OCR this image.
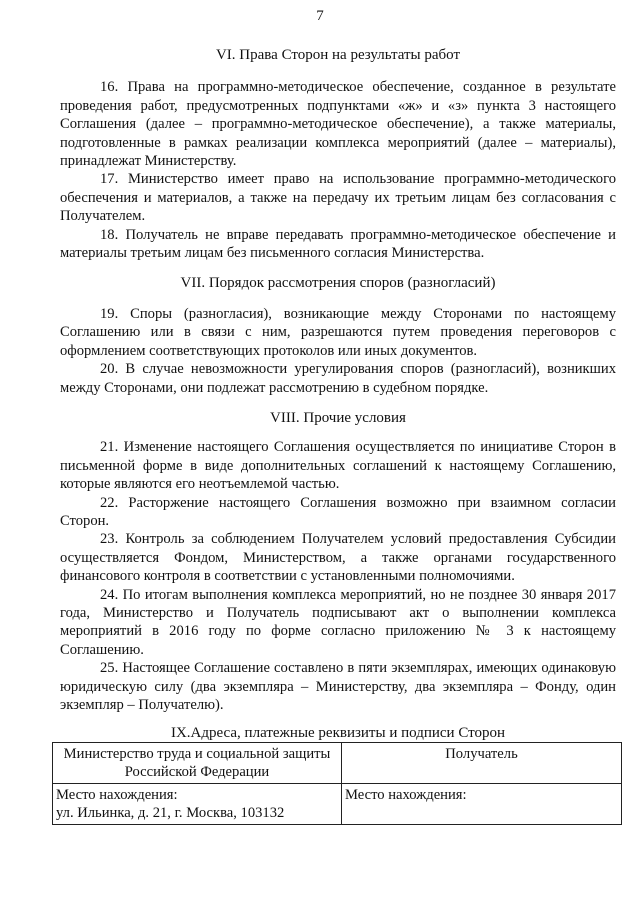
7
VI. Права Сторон на результаты работ

16. Права на программно-методическое обеспечение, созданное в результате проведения работ, предусмотренных подпунктами «ж» и «з» пункта 3 настоящего Соглашения (далее – программно-методическое обеспечение), а также материалы, подготовленные в рамках реализации комплекса мероприятий (далее – материалы), принадлежат Министерству.

17. Министерство имеет право на использование программно-методического обеспечения и материалов, а также на передачу их третьим лицам без согласования с Получателем.

18. Получатель не вправе передавать программно-методическое обеспечение и материалы третьим лицам без письменного согласия Министерства.

VII. Порядок рассмотрения споров (разногласий)

19. Споры (разногласия), возникающие между Сторонами по настоящему Соглашению или в связи с ним, разрешаются путем проведения переговоров с оформлением соответствующих протоколов или иных документов.

20. В случае невозможности урегулирования споров (разногласий), возникших между Сторонами, они подлежат рассмотрению в судебном порядке.

VIII. Прочие условия

21. Изменение настоящего Соглашения осуществляется по инициативе Сторон в письменной форме в виде дополнительных соглашений к настоящему Соглашению, которые являются его неотъемлемой частью.

22. Расторжение настоящего Соглашения возможно при взаимном согласии Сторон.

23. Контроль за соблюдением Получателем условий предоставления Субсидии осуществляется Фондом, Министерством, а также органами государственного финансового контроля в соответствии с установленными полномочиями.

24. По итогам выполнения комплекса мероприятий, но не позднее 30 января 2017 года, Министерство и Получатель подписывают акт о выполнении комплекса мероприятий в 2016 году по форме согласно приложению № 3 к настоящему Соглашению.

25. Настоящее Соглашение составлено в пяти экземплярах, имеющих одинаковую юридическую силу (два экземпляра – Министерству, два экземпляра – Фонду, один экземпляр – Получателю).

IX.Адреса, платежные реквизиты и подписи Сторон
Министерство труда и социальной защиты Российской Федерации	Получатель

Место нахождения:
ул. Ильинка, д. 21, г. Москва, 103132	Место нахождения:
